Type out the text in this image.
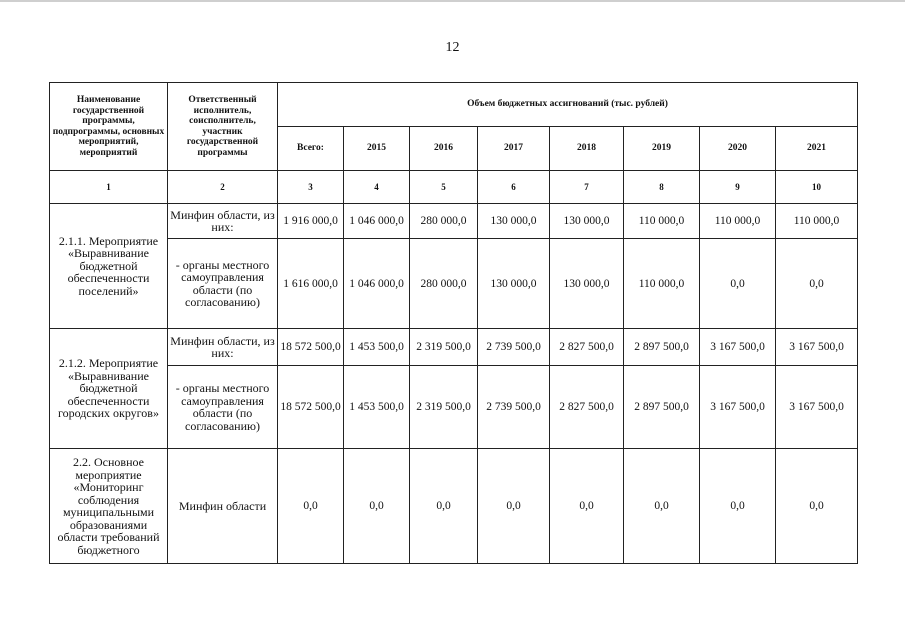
12
Наименование государственной программы, подпрограммы, основных мероприятий, мероприятий	Ответственный исполнитель, соисполнитель, участник государственной программы	Объем бюджетных ассигнований (тыс. рублей)							
		Всего:	2015	2016	2017	2018	2019	2020	2021
1	2	3	4	5	6	7	8	9	10
2.1.1. Мероприятие «Выравнивание бюджетной обеспеченности поселений»	Минфин области, из них:	1 916 000,0	1 046 000,0	280 000,0	130 000,0	130 000,0	110 000,0	110 000,0	110 000,0
	- органы местного самоуправления области (по согласованию)	1 616 000,0	1 046 000,0	280 000,0	130 000,0	130 000,0	110 000,0	0,0	0,0
2.1.2. Мероприятие «Выравнивание бюджетной обеспеченности городских округов»	Минфин области, из них:	18 572 500,0	1 453 500,0	2 319 500,0	2 739 500,0	2 827 500,0	2 897 500,0	3 167 500,0	3 167 500,0
	- органы местного самоуправления области (по согласованию)	18 572 500,0	1 453 500,0	2 319 500,0	2 739 500,0	2 827 500,0	2 897 500,0	3 167 500,0	3 167 500,0
2.2. Основное мероприятие «Мониторинг соблюдения муниципальными образованиями области требований бюджетного	Минфин области	0,0	0,0	0,0	0,0	0,0	0,0	0,0	0,0
